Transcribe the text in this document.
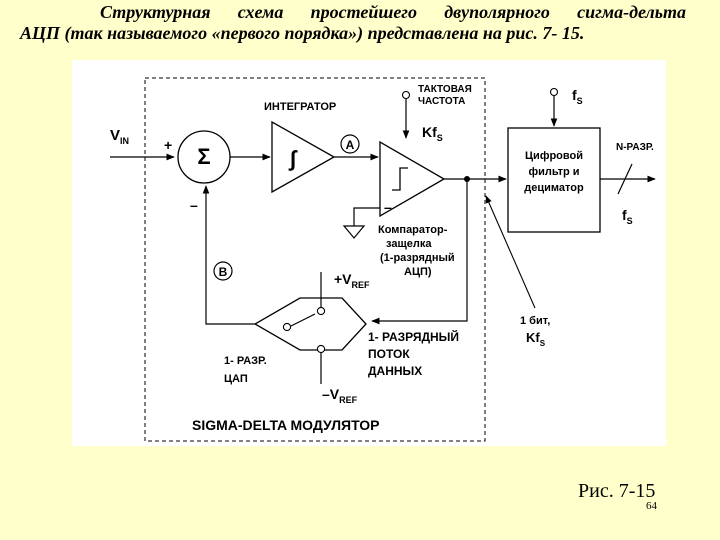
Структурная схема простейшего двуполярного сигма-дельта
АЦП (так называемого «первого порядка») представлена на рис. 7- 15.
SIGMA-DELTA МОДУЛЯТОР
$V_{IN}$ +
–
Σ
ИНТЕГРАТОР
∫
A
ТАКТОВАЯ
ЧАСТОТА
$Kf_S$
–
Компаратор-
защелка
(1-разрядный
АЦП)
1- РАЗРЯДНЫЙ
ПОТОК
ДАННЫХ
1 бит,
$Kf_S$
Цифровой
фильтр и
дециматор
$f_S$
N-РАЗР.
$f_S$
$+V_{REF}$
$-V_{REF}$
1- РАЗР.
ЦАП
B
Рис. 7-15
64
